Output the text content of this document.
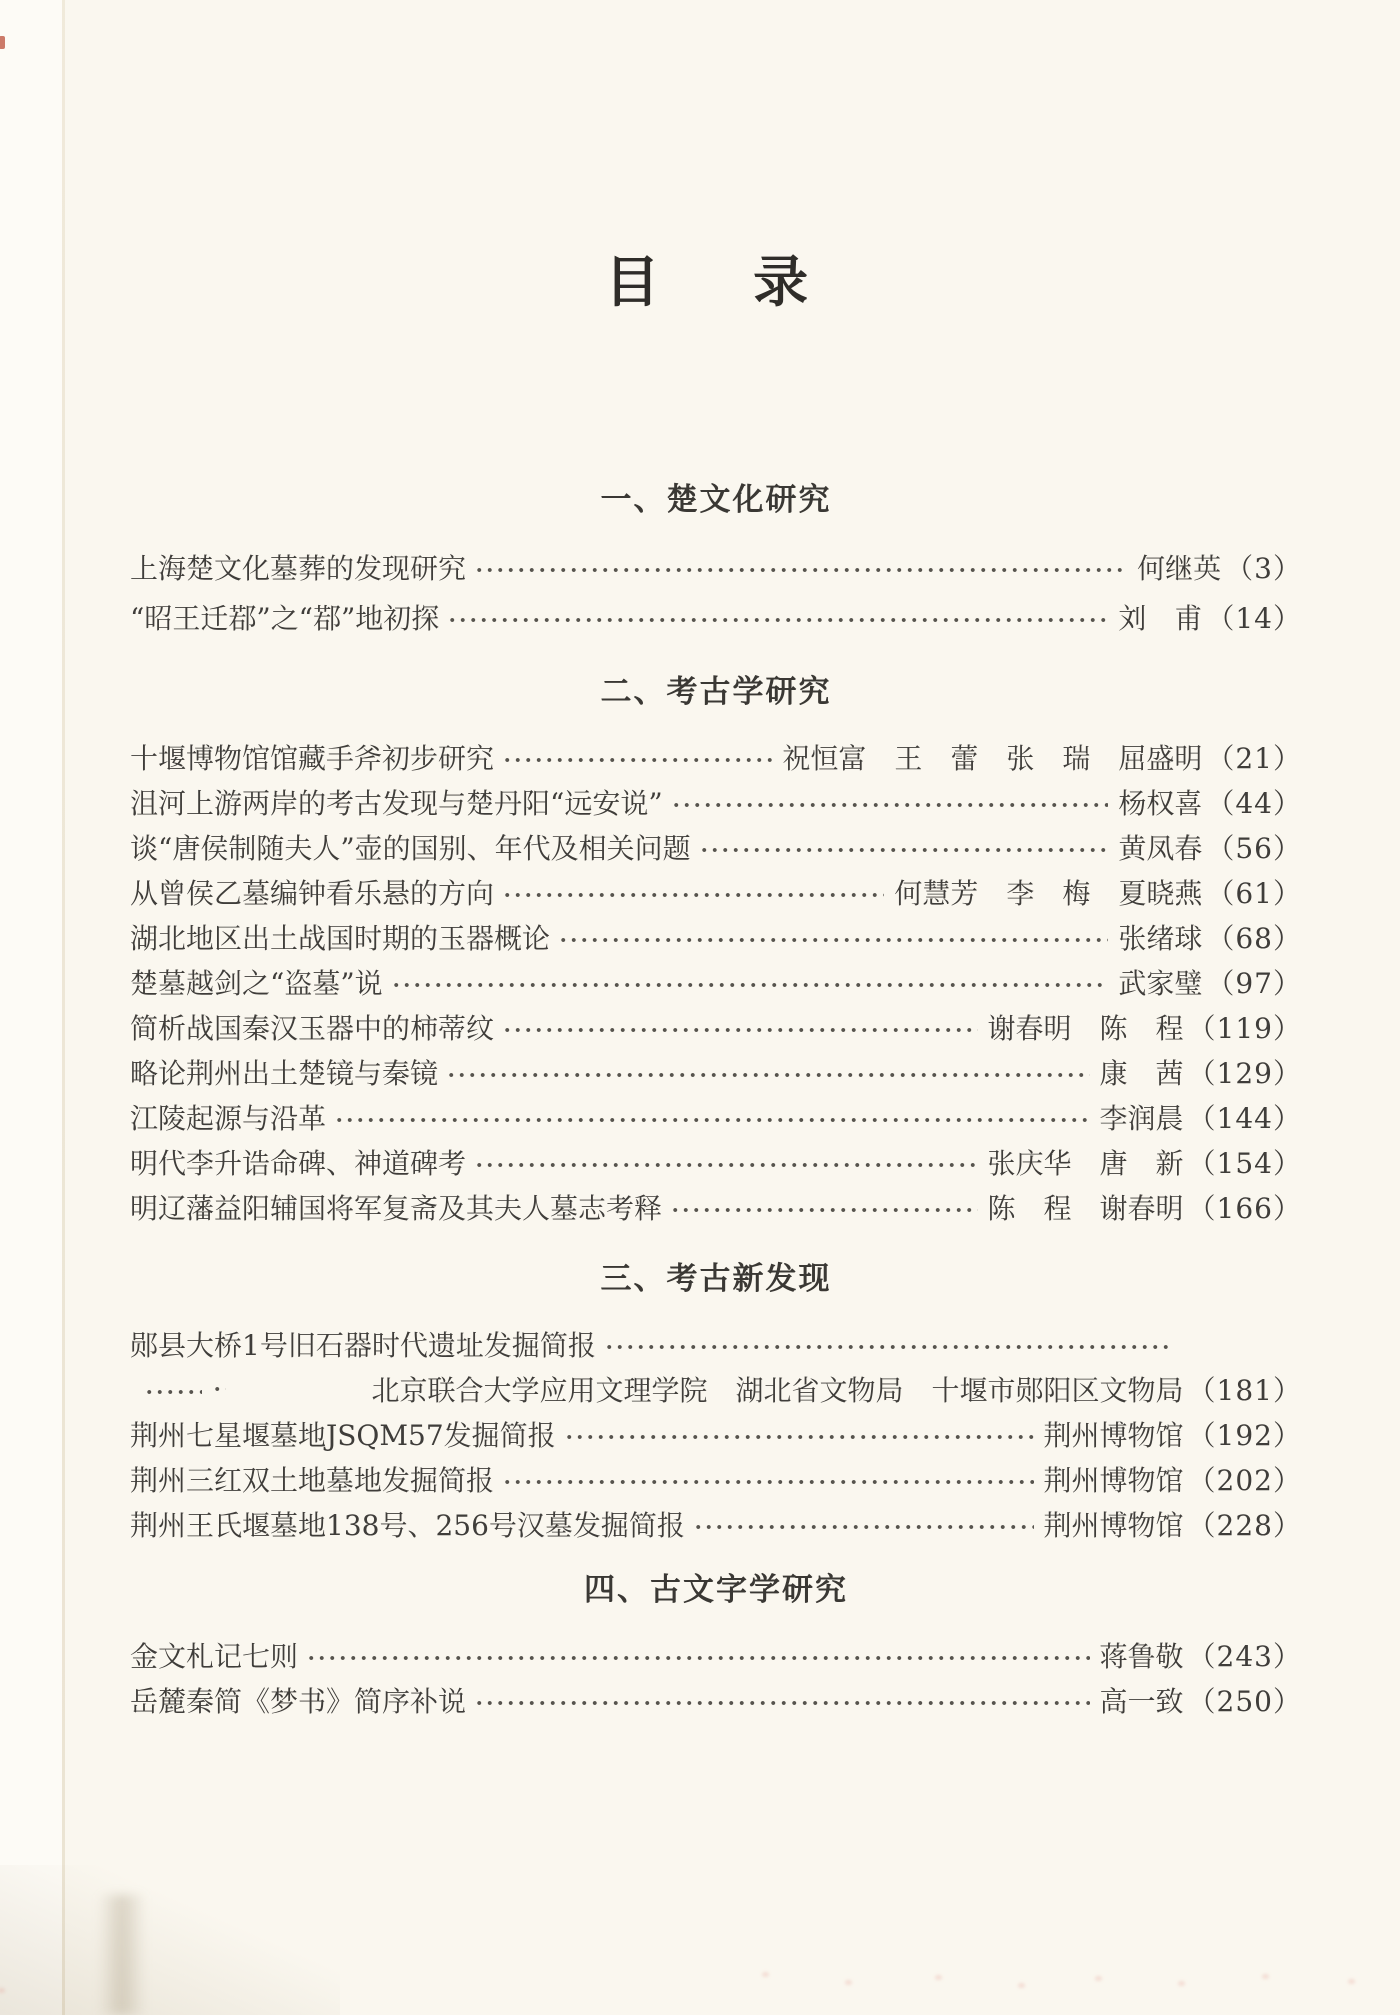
目　录
一、楚文化研究
上海楚文化墓葬的发现研究	何继英 （3）
“昭王迁鄀”之“鄀”地初探	刘　甫 （14）
二、考古学研究
十堰博物馆馆藏手斧初步研究	祝恒富　王　蕾　张　瑞　屈盛明 （21）
沮河上游两岸的考古发现与楚丹阳“远安说”	杨权喜 （44）
谈“唐侯制随夫人”壶的国别、年代及相关问题	黄凤春 （56）
从曾侯乙墓编钟看乐悬的方向	何慧芳　李　梅　夏晓燕 （61）
湖北地区出土战国时期的玉器概论	张绪球 （68）
楚墓越剑之“盗墓”说	武家璧 （97）
简析战国秦汉玉器中的柿蒂纹	谢春明　陈　程 （119）
略论荆州出土楚镜与秦镜	康　茜 （129）
江陵起源与沿革	李润晨 （144）
明代李升诰命碑、神道碑考	张庆华　唐　新 （154）
明辽藩益阳辅国将军复斋及其夫人墓志考释	陈　程　谢春明 （166）
三、考古新发现
郧县大桥1号旧石器时代遗址发掘简报
北京联合大学应用文理学院　湖北省文物局　十堰市郧阳区文物局 （181）
荆州七星堰墓地JSQM57发掘简报	荆州博物馆 （192）
荆州三红双土地墓地发掘简报	荆州博物馆 （202）
荆州王氏堰墓地138号、256号汉墓发掘简报	荆州博物馆 （228）
四、古文字学研究
金文札记七则	蒋鲁敬 （243）
岳麓秦简《梦书》简序补说	高一致 （250）
